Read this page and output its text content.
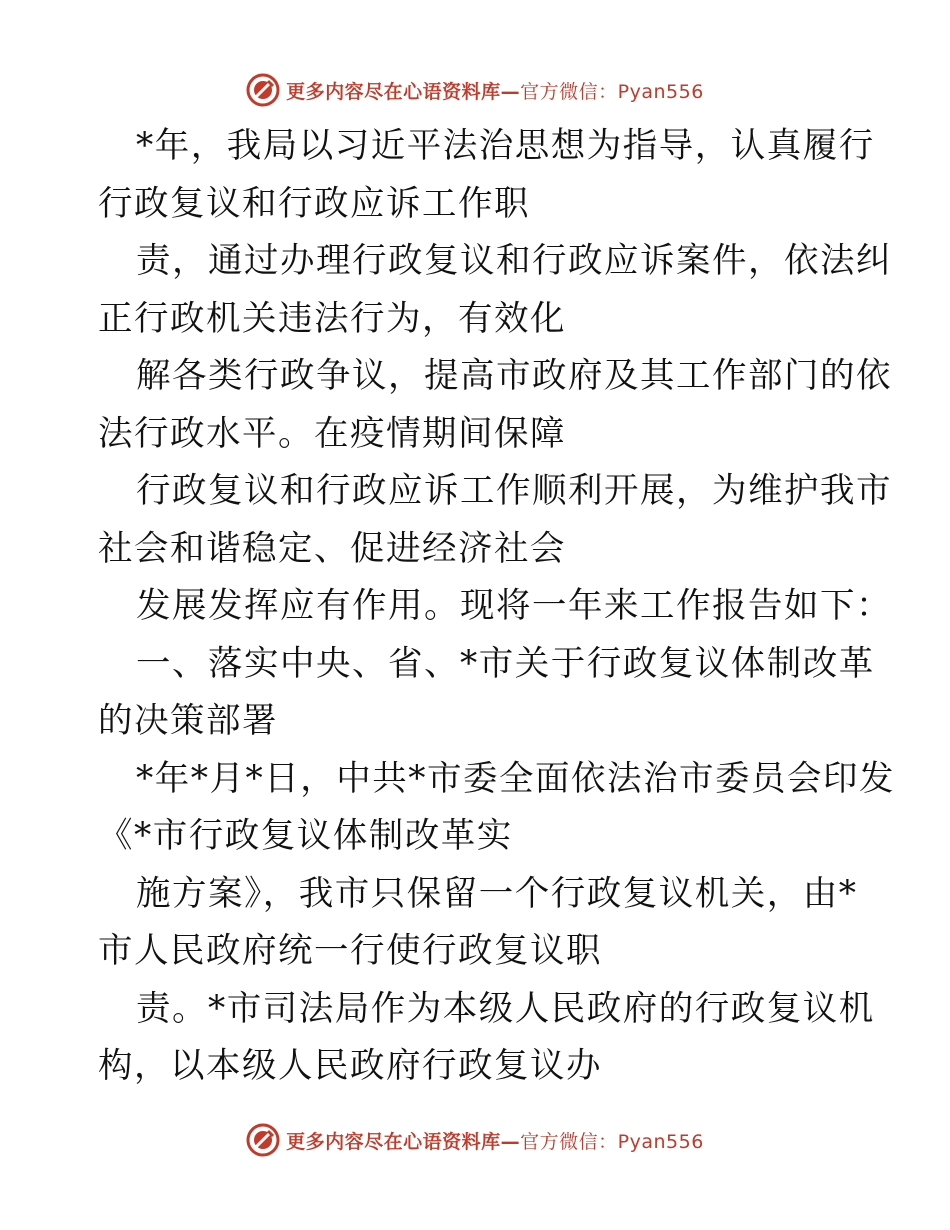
更多内容尽在心语资料库—官方微信：Pyan556
*年，我局以习近平法治思想为指导，认真履行
行政复议和行政应诉工作职
责，通过办理行政复议和行政应诉案件，依法纠
正行政机关违法行为，有效化
解各类行政争议，提高市政府及其工作部门的依
法行政水平。在疫情期间保障
行政复议和行政应诉工作顺利开展，为维护我市
社会和谐稳定、促进经济社会
发展发挥应有作用。现将一年来工作报告如下：
一、落实中央、省、*市关于行政复议体制改革
的决策部署
*年*月*日，中共*市委全面依法治市委员会印发
《*市行政复议体制改革实
施方案》，我市只保留一个行政复议机关，由*
市人民政府统一行使行政复议职
责。*市司法局作为本级人民政府的行政复议机
构，以本级人民政府行政复议办
更多内容尽在心语资料库—官方微信：Pyan556
